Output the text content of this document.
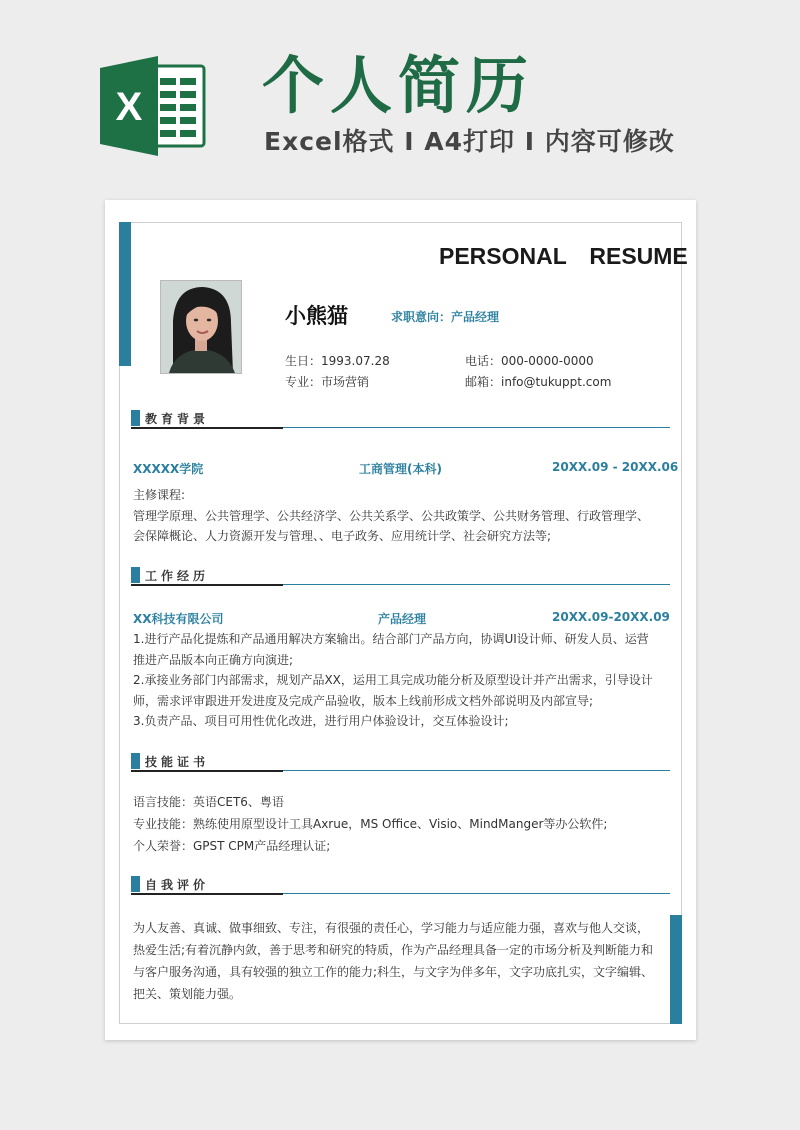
X 个人简历
Excel格式 I A4打印 I 内容可修改
PERSONAL　RESUME
小熊猫	求职意向：产品经理
生日：1993.07.28	电话：000-0000-0000
专业：市场营销	邮箱：info@tukuppt.com
教育背景
XXXXX学院	工商管理(本科)	20XX.09 - 20XX.06
主修课程:
管理学原理、公共管理学、公共经济学、公共关系学、公共政策学、公共财务管理、行政管理学、
会保障概论、人力资源开发与管理、、电子政务、应用统计学、社会研究方法等;
工作经历
XX科技有限公司	产品经理	20XX.09-20XX.09
1.进行产品化提炼和产品通用解决方案输出。结合部门产品方向，协调UI设计师、研发人员、运营
推进产品版本向正确方向演进;
2.承接业务部门内部需求，规划产品XX，运用工具完成功能分析及原型设计并产出需求，引导设计
师，需求评审跟进开发进度及完成产品验收，版本上线前形成文档外部说明及内部宣导;
3.负责产品、项目可用性优化改进，进行用户体验设计，交互体验设计;
技能证书
语言技能：英语CET6、粤语
专业技能：熟练使用原型设计工具Axrue，MS Office、Visio、MindManger等办公软件;
个人荣誉：GPST CPM产品经理认证;
自我评价
为人友善、真诚、做事细致、专注，有很强的责任心，学习能力与适应能力强，喜欢与他人交谈，
热爱生活;有着沉静内敛，善于思考和研究的特质，作为产品经理具备一定的市场分析及判断能力和
与客户服务沟通，具有较强的独立工作的能力;科生，与文字为伴多年，文字功底扎实，文字编辑、
把关、策划能力强。
